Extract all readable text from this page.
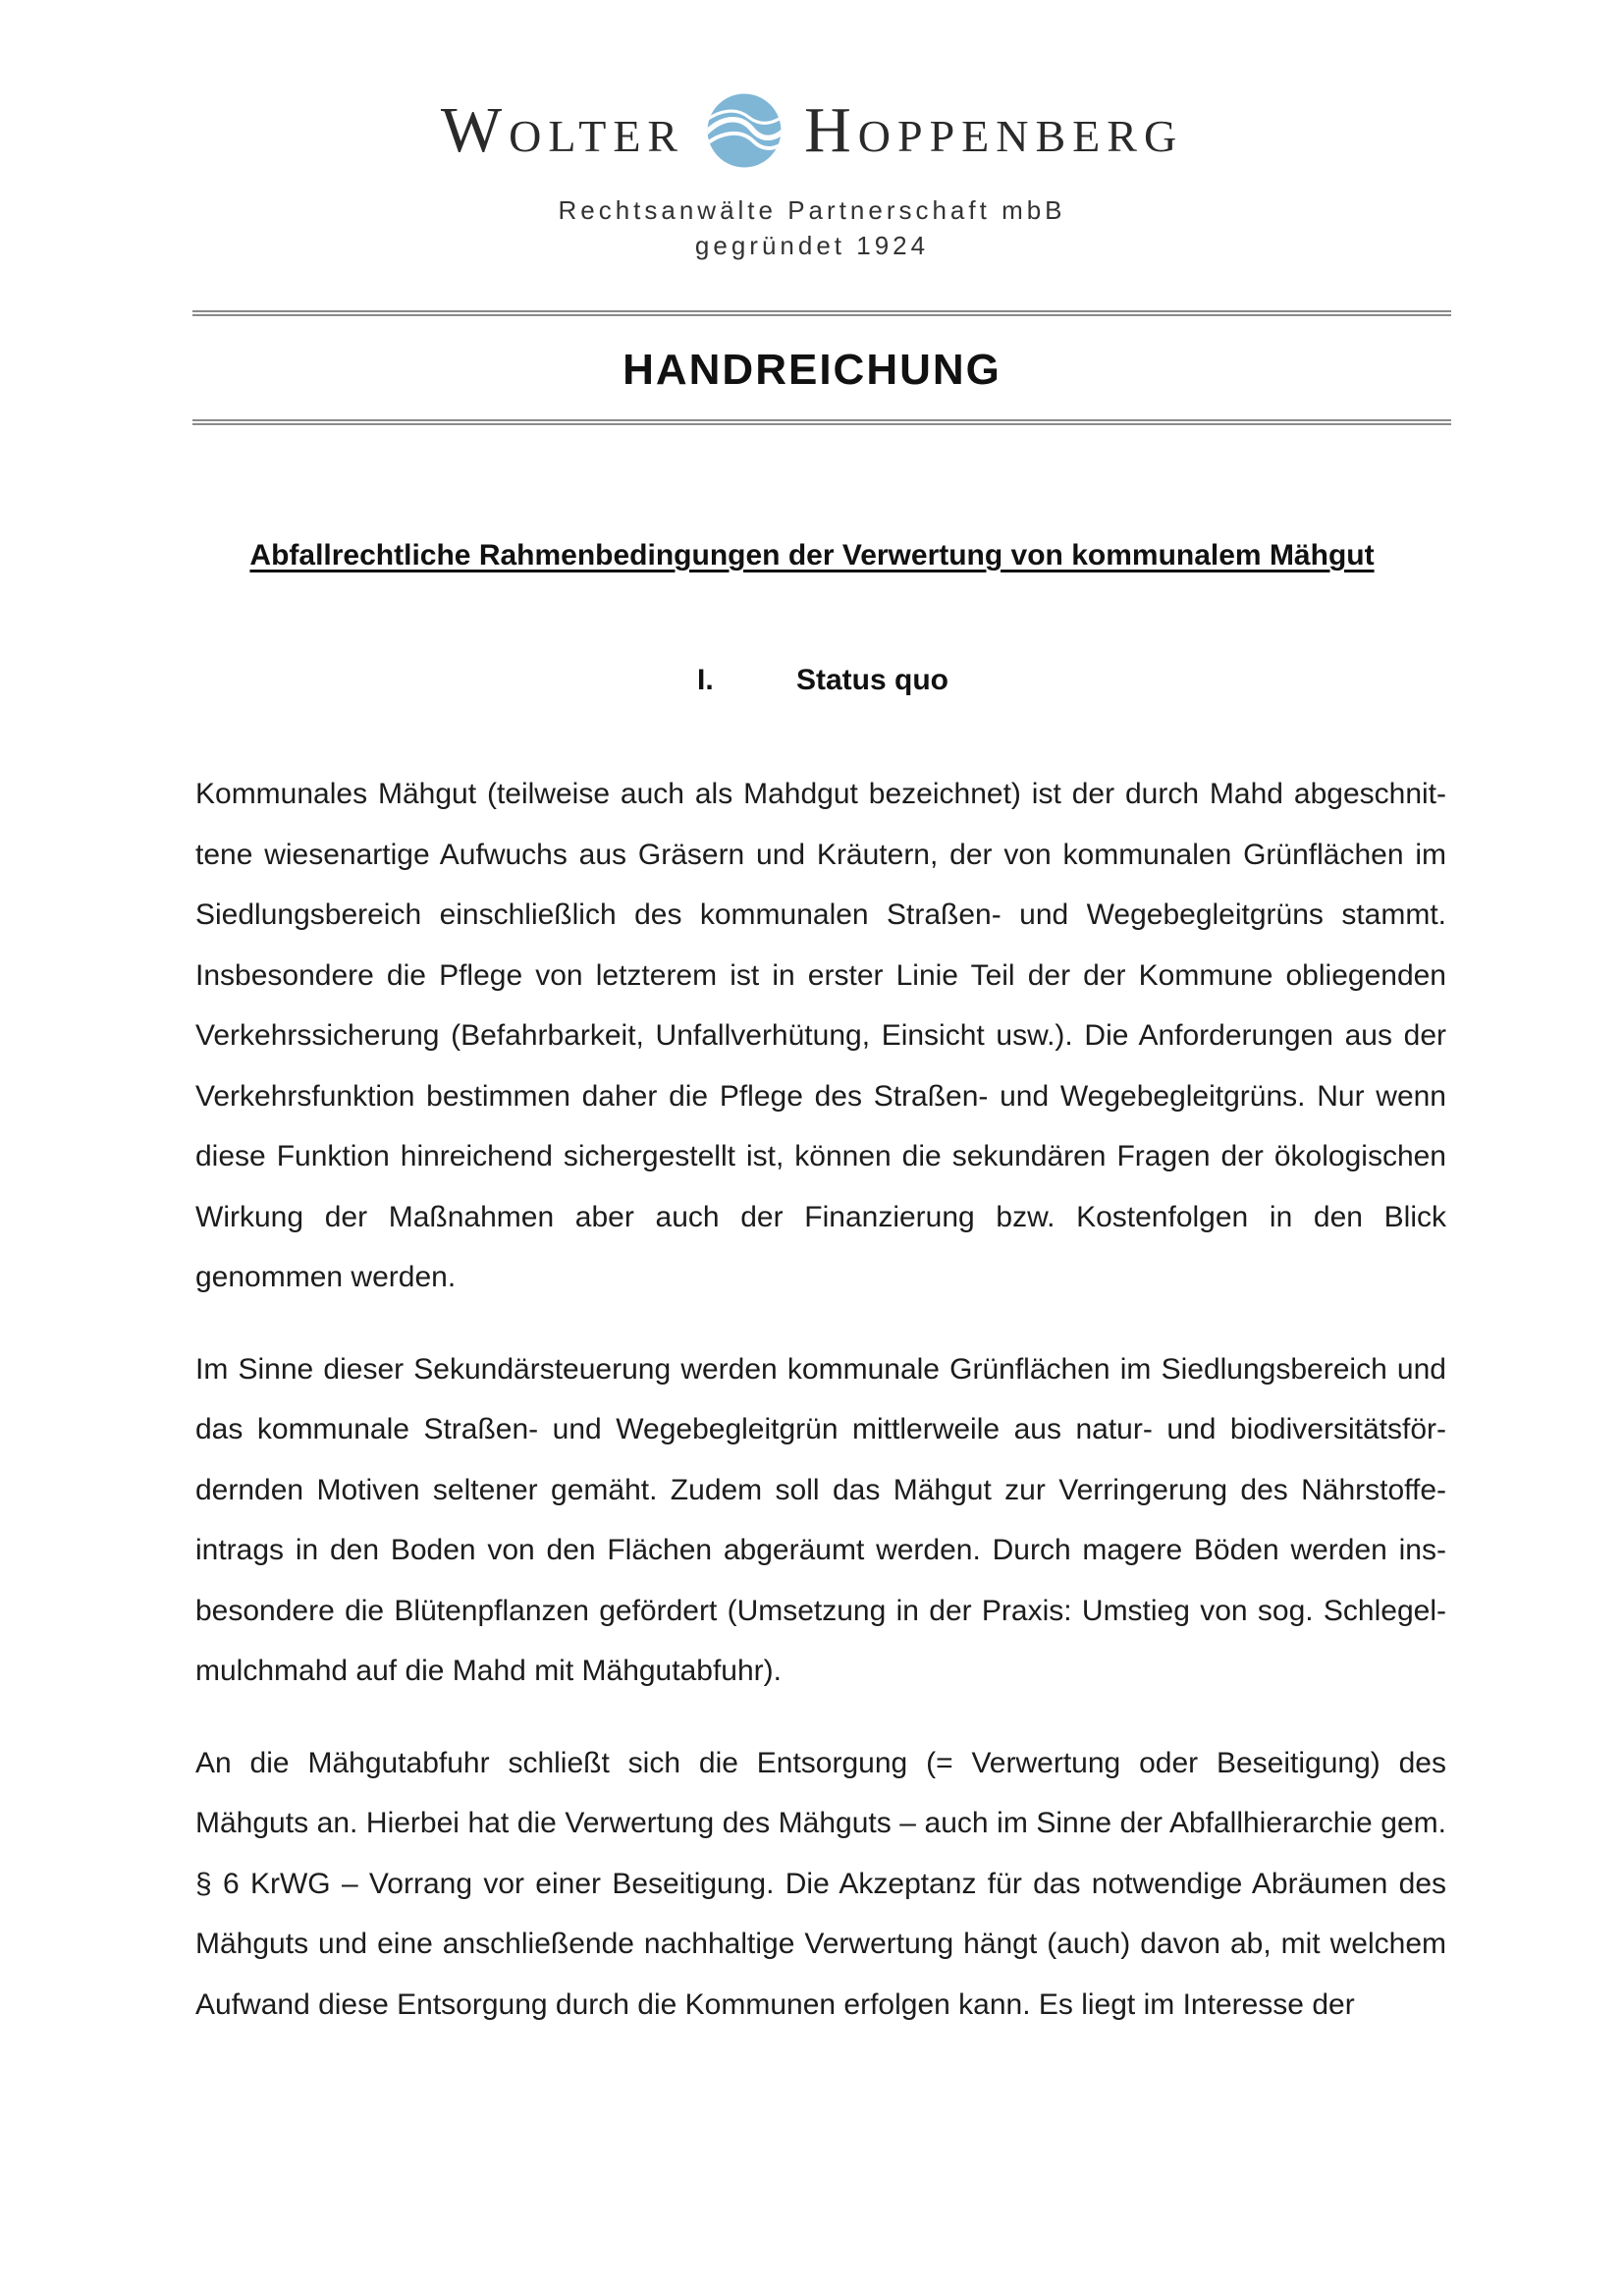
Wolter Hoppenberg
Rechtsanwälte Partnerschaft mbB
gegründet 1924
HANDREICHUNG
Abfallrechtliche Rahmenbedingungen der Verwertung von kommunalem Mähgut
I.	Status quo

Kommunales Mähgut (teilweise auch als Mahdgut bezeichnet) ist der durch Mahd abgeschnittene wiesenartige Aufwuchs aus Gräsern und Kräutern, der von kommunalen Grünflächen im Siedlungsbereich einschließlich des kommunalen Straßen- und Wegebegleitgrüns stammt. Insbesondere die Pflege von letzterem ist in erster Linie Teil der der Kommune obliegenden Verkehrssicherung (Befahrbarkeit, Unfallverhütung, Einsicht usw.). Die Anforderungen aus der Verkehrsfunktion bestimmen daher die Pflege des Straßen- und Wegebegleitgrüns. Nur wenn diese Funktion hinreichend sichergestellt ist, können die sekundären Fragen der ökologischen Wirkung der Maßnahmen aber auch der Finanzierung bzw. Kostenfolgen in den Blick genommen werden.

Im Sinne dieser Sekundärsteuerung werden kommunale Grünflächen im Siedlungsbereich und das kommunale Straßen- und Wegebegleitgrün mittlerweile aus natur- und biodiversitätsfördernden Motiven seltener gemäht. Zudem soll das Mähgut zur Verringerung des Nährstoffeintrags in den Boden von den Flächen abgeräumt werden. Durch magere Böden werden insbesondere die Blütenpflanzen gefördert (Umsetzung in der Praxis: Umstieg von sog. Schlegelmulchmahd auf die Mahd mit Mähgutabfuhr).

An die Mähgutabfuhr schließt sich die Entsorgung (= Verwertung oder Beseitigung) des Mähguts an. Hierbei hat die Verwertung des Mähguts – auch im Sinne der Abfallhierarchie gem. § 6 KrWG – Vorrang vor einer Beseitigung. Die Akzeptanz für das notwendige Abräumen des Mähguts und eine anschließende nachhaltige Verwertung hängt (auch) davon ab, mit welchem Aufwand diese Entsorgung durch die Kommunen erfolgen kann. Es liegt im Interesse der
